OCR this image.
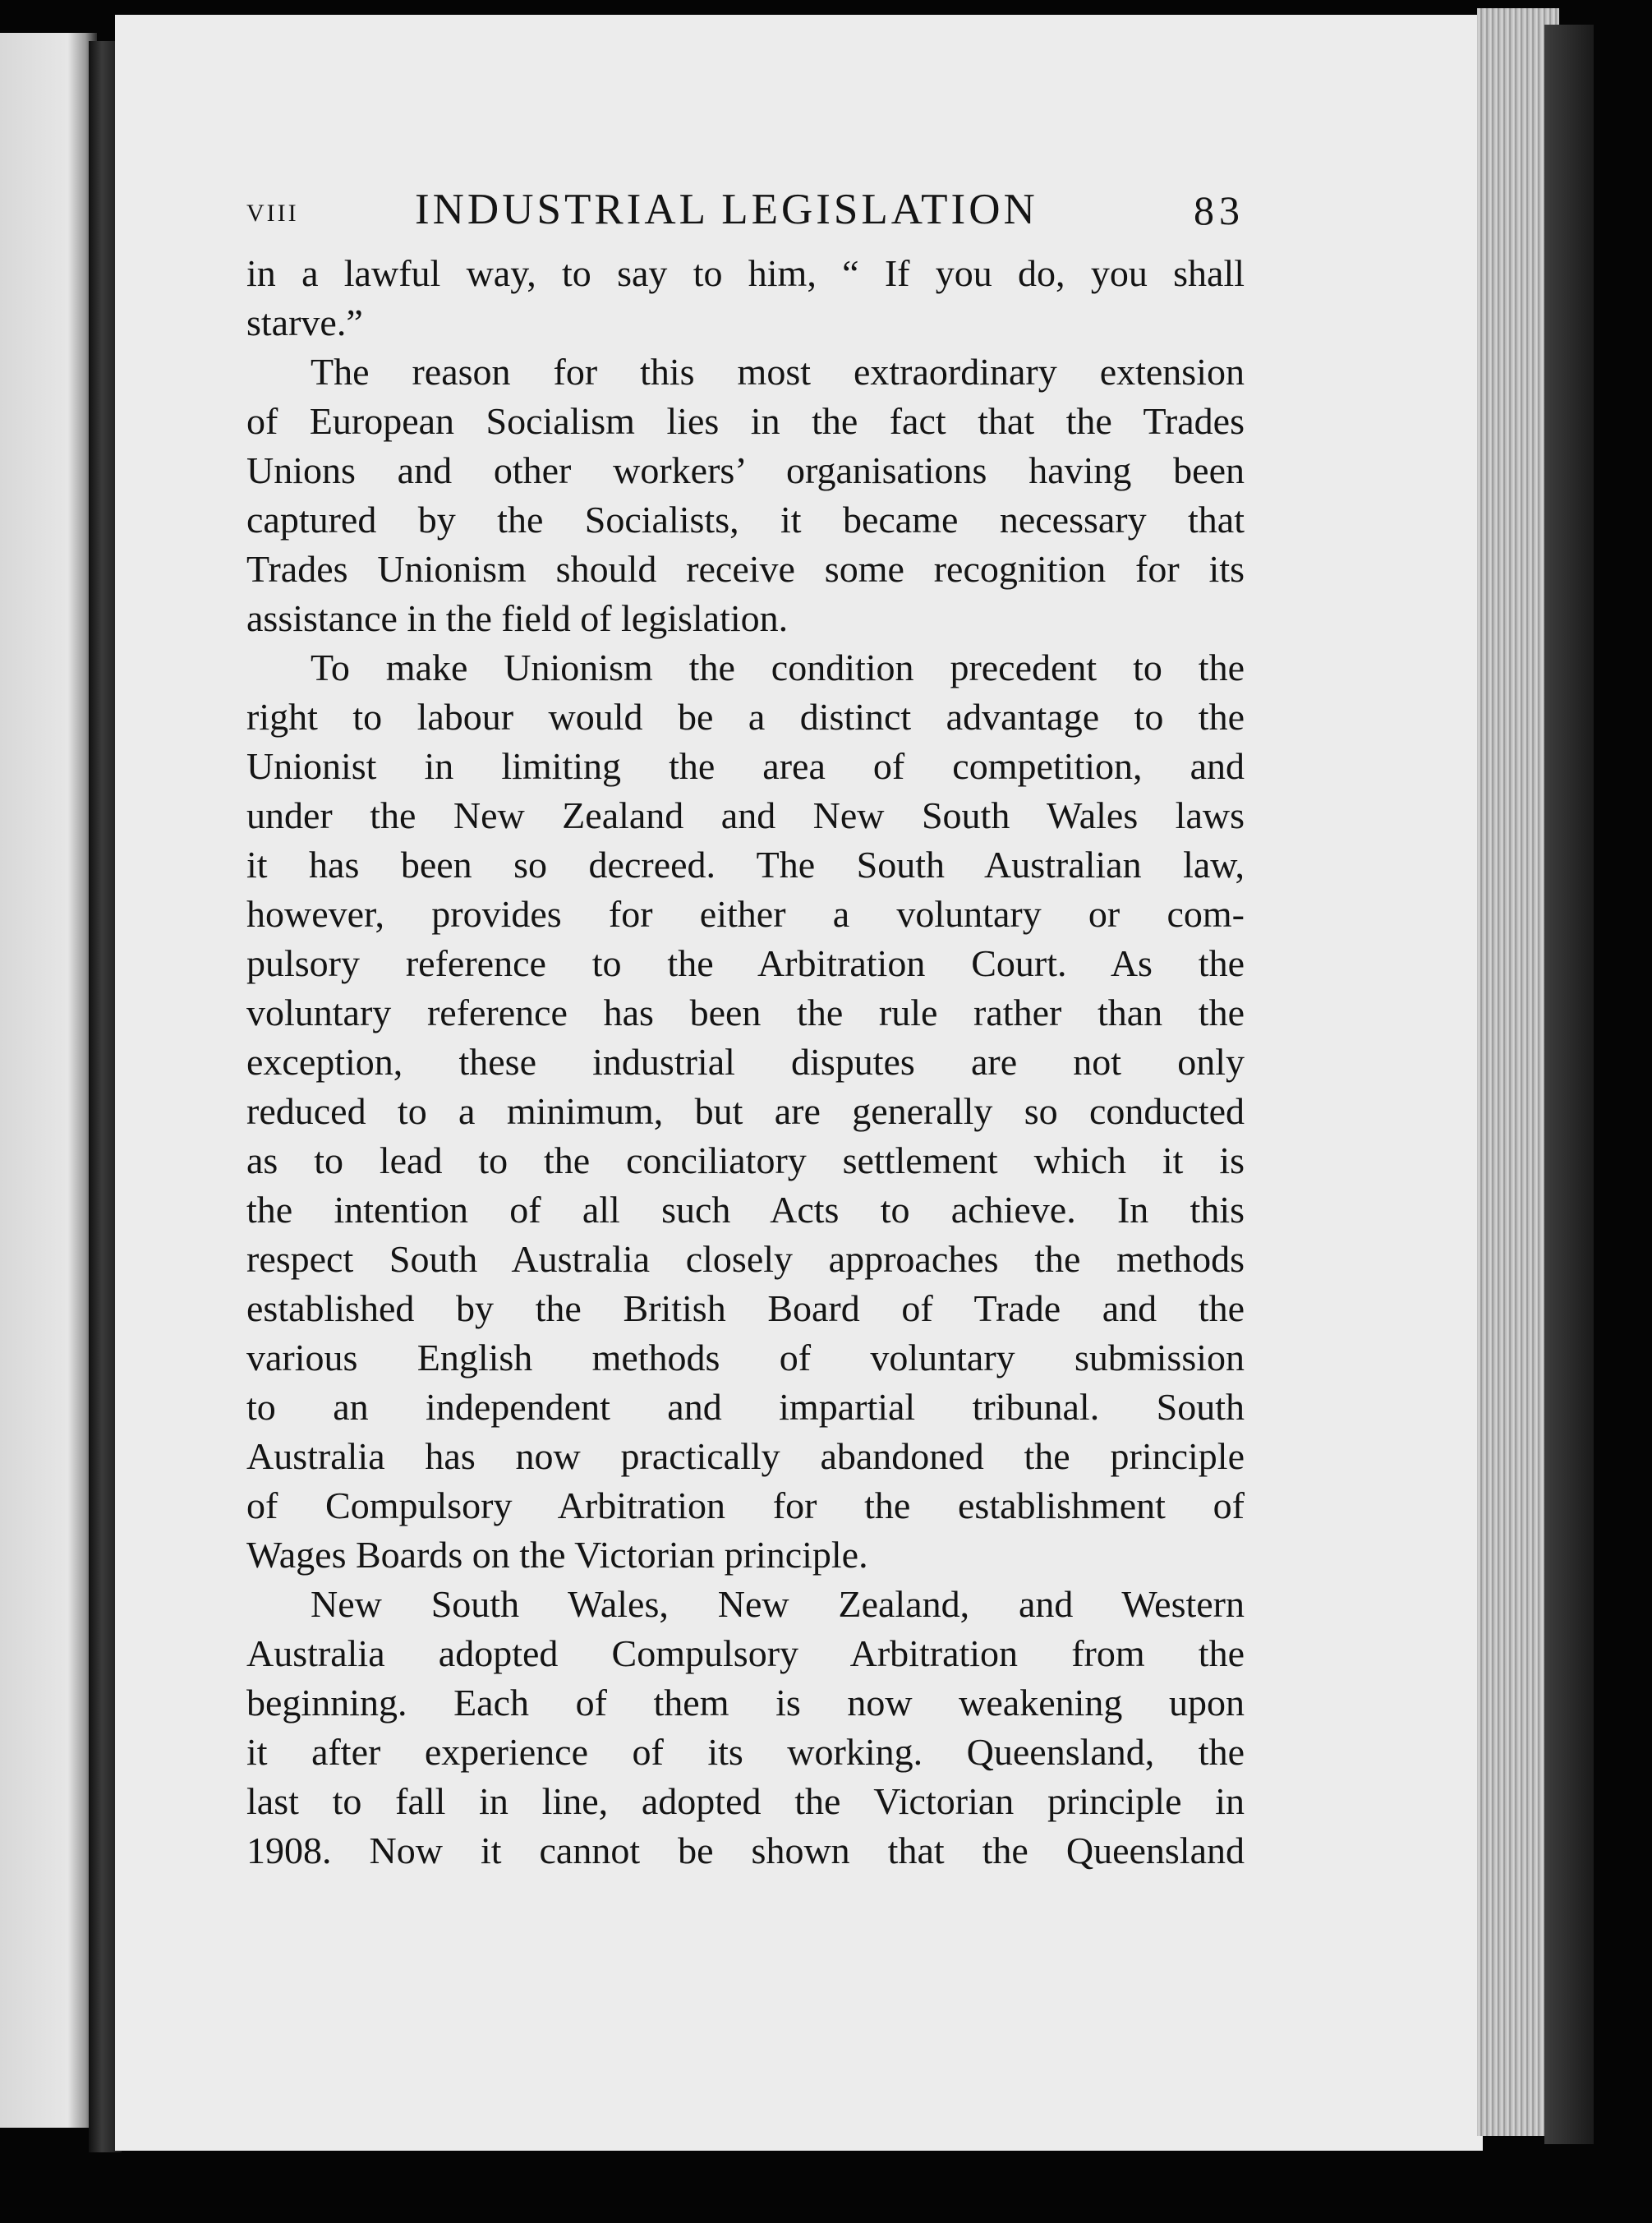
VIII	INDUSTRIAL LEGISLATION	83
in a lawful way, to say to him, “ If you do, you shall
starve.”
The reason for this most extraordinary extension
of European Socialism lies in the fact that the Trades
Unions and other workers’ organisations having been
captured by the Socialists, it became necessary that
Trades Unionism should receive some recognition for its
assistance in the field of legislation.
To make Unionism the condition precedent to the
right to labour would be a distinct advantage to the
Unionist in limiting the area of competition, and
under the New Zealand and New South Wales laws
it has been so decreed. The South Australian law,
however, provides for either a voluntary or com-
pulsory reference to the Arbitration Court. As the
voluntary reference has been the rule rather than the
exception, these industrial disputes are not only
reduced to a minimum, but are generally so conducted
as to lead to the conciliatory settlement which it is
the intention of all such Acts to achieve. In this
respect South Australia closely approaches the methods
established by the British Board of Trade and the
various English methods of voluntary submission
to an independent and impartial tribunal. South
Australia has now practically abandoned the principle
of Compulsory Arbitration for the establishment of
Wages Boards on the Victorian principle.
New South Wales, New Zealand, and Western
Australia adopted Compulsory Arbitration from the
beginning. Each of them is now weakening upon
it after experience of its working. Queensland, the
last to fall in line, adopted the Victorian principle in
1908. Now it cannot be shown that the Queensland
